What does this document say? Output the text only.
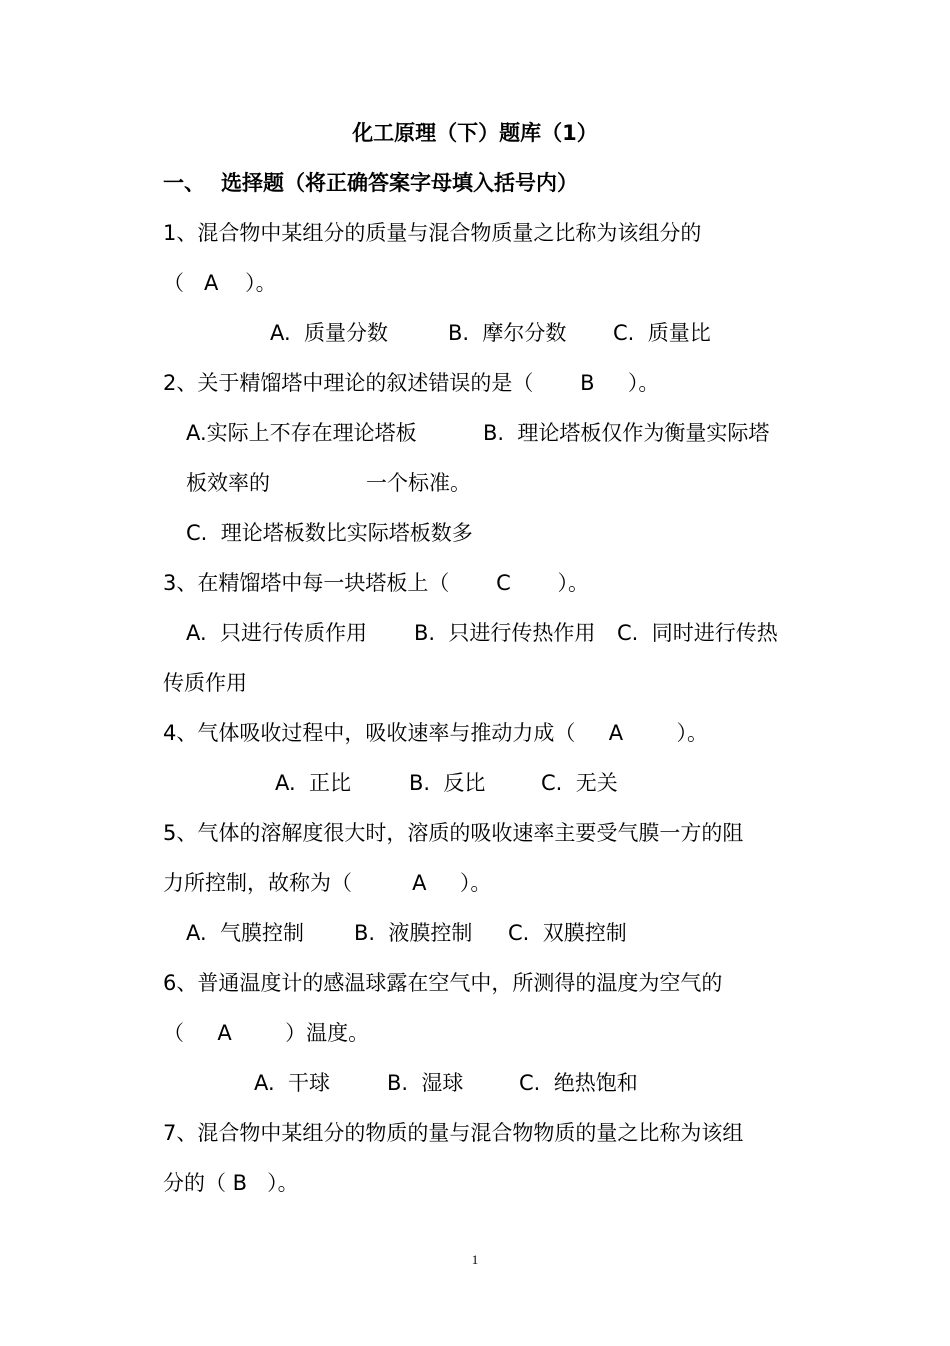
化工原理（下）题库（1）
一、 选择题（将正确答案字母填入括号内）

1、混合物中某组分的质量与混合物质量之比称为该组分的

（   A    ）。

A.  质量分数

	B.  摩尔分数

C.  质量比

2、关于精馏塔中理论的叙述错误的是（       B     ）。

A.实际上不存在理论塔板

	B.  理论塔板仅作为衡量实际塔

板效率的

	一个标准。

C.  理论塔板数比实际塔板数多

3、在精馏塔中每一块塔板上（       C       ）。

A.  只进行传质作用

B.  只进行传热作用

C.  同时进行传热

传质作用

4、气体吸收过程中，吸收速率与推动力成（     A        ）。

A.  正比

	B.  反比

	C.  无关

5、气体的溶解度很大时，溶质的吸收速率主要受气膜一方的阻

力所控制，故称为（         A     ）。

A.  气膜控制

B.  液膜控制

C.  双膜控制

6、普通温度计的感温球露在空气中，所测得的温度为空气的

（     A        ）温度。

A.  干球

	B.  湿球

	C.  绝热饱和

7、混合物中某组分的物质的量与混合物物质的量之比称为该组

分的（ B   ）。

1
